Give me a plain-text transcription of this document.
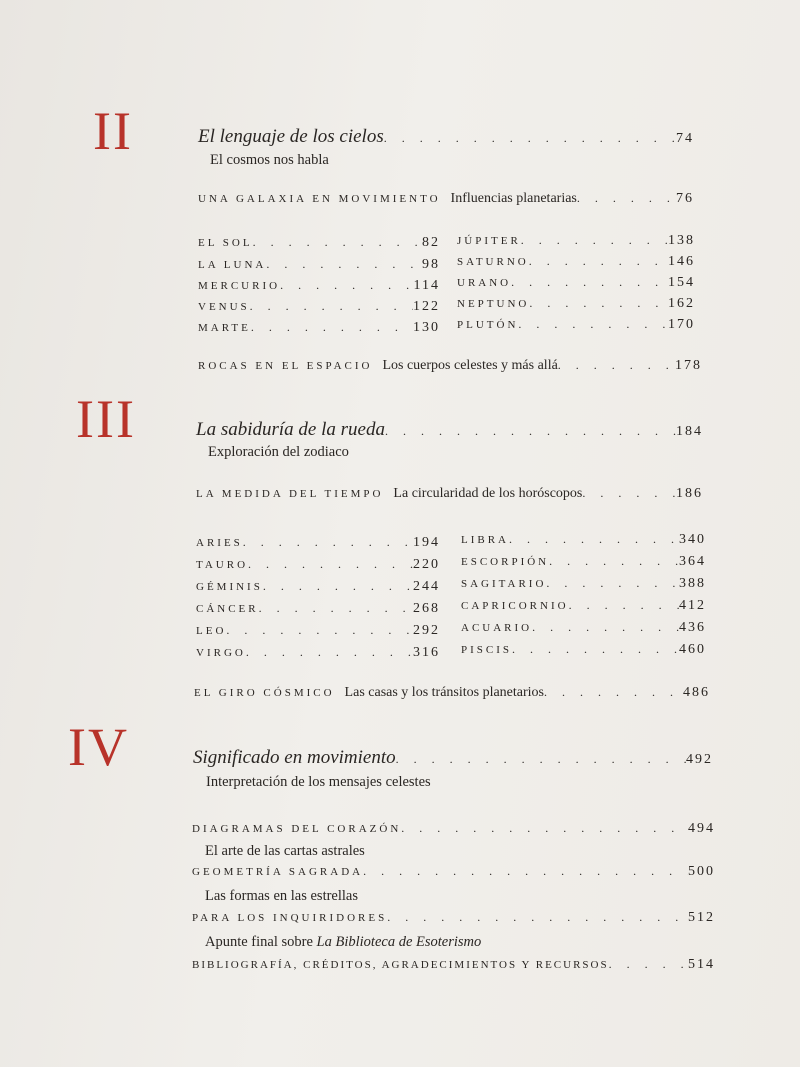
II	El lenguaje de los cielos . . .	74
El cosmos nos habla
UNA GALAXIA EN MOVIMIENTO Influencias planetarias . . .	76
EL SOL . . .	82
LA LUNA . . .	98
MERCURIO . . .	114
VENUS . . .	122
MARTE . . .	130
JÚPITER . . .	138
SATURNO . . .	146
URANO . . .	154
NEPTUNO . . .	162
PLUTÓN . . .	170
ROCAS EN EL ESPACIO Los cuerpos celestes y más allá . . .	178
III	La sabiduría de la rueda . . .	184
Exploración del zodiaco
LA MEDIDA DEL TIEMPO La circularidad de los horóscopos . . .	186
ARIES . . .	194
TAURO . . .	220
GÉMINIS . . .	244
CÁNCER . . .	268
LEO . . .	292
VIRGO . . .	316
LIBRA . . .	340
ESCORPIÓN . . .	364
SAGITARIO . . .	388
CAPRICORNIO . . .	412
ACUARIO . . .	436
PISCIS . . .	460
EL GIRO CÓSMICO Las casas y los tránsitos planetarios . . .	486
IV	Significado en movimiento . . .	492
Interpretación de los mensajes celestes
DIAGRAMAS DEL CORAZÓN . . .	494
El arte de las cartas astrales
GEOMETRÍA SAGRADA . . .	500
Las formas en las estrellas
PARA LOS INQUIRIDORES . . .	512
Apunte final sobre La Biblioteca de Esoterismo
BIBLIOGRAFÍA, CRÉDITOS, AGRADECIMIENTOS Y RECURSOS . . .	514
